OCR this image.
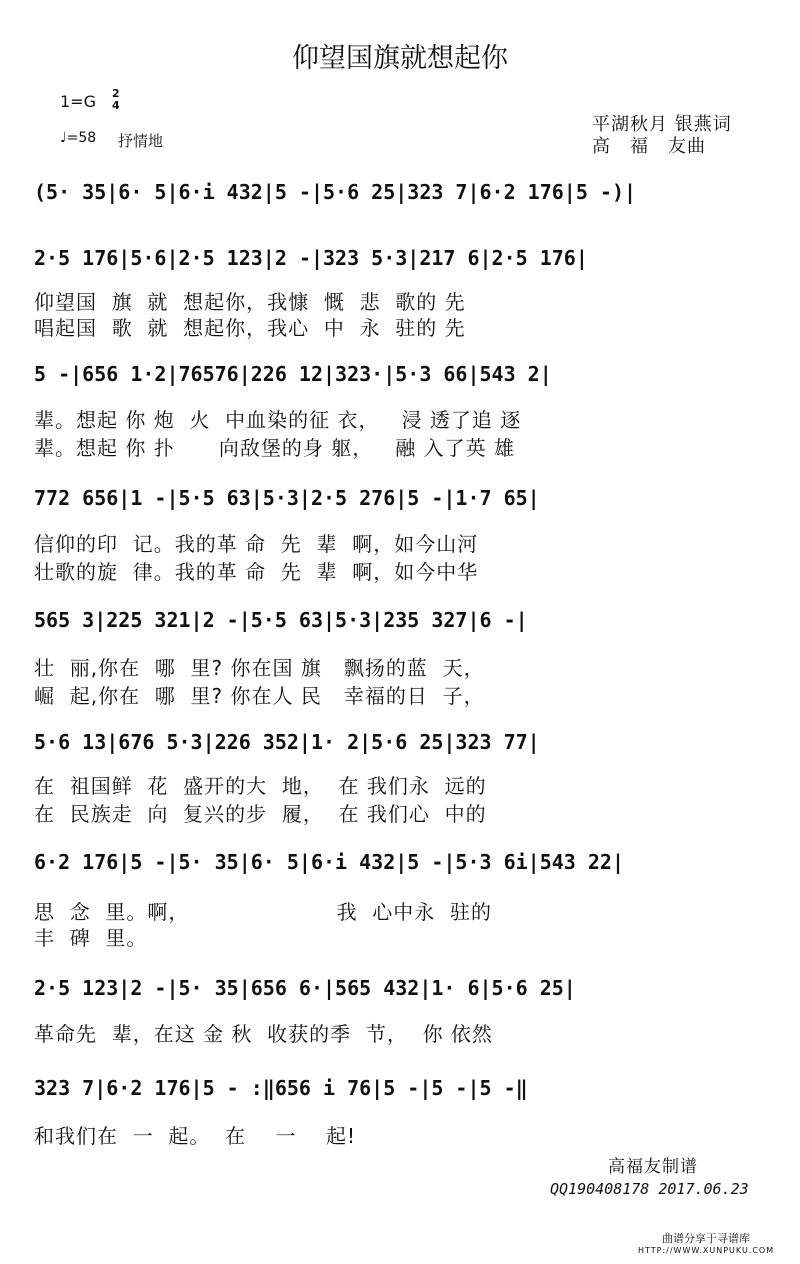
仰望国旗就想起你
1=G 2
4
♩=58 抒情地
平湖秋月 银燕词
高　福　友曲
(5· 35|6· 5|6·i 432|5 -|5·6 25|323 7|6·2 176|5 -)|
2·5 176|5·6|2·5 123|2 -|323 5·3|217 6|2·5 176|
仰望国  旗  就  想起你，我慷  慨  悲  歌的 先
唱起国  歌  就  想起你，我心  中  永  驻的 先
5 -|656 1·2|76576|226 12|323·|5·3 66|543 2|
辈。想起 你 炮  火  中血染的征 衣，   浸 透了追 逐
辈。想起 你 扑      向敌堡的身 躯，   融 入了英 雄
772 656|1 -|5·5 63|5·3|2·5 276|5 -|1·7 65|
信仰的印  记。我的革 命  先  辈  啊，如今山河
壮歌的旋  律。我的革 命  先  辈  啊，如今中华
565 3|225 321|2 -|5·5 63|5·3|235 327|6 -|
壮  丽,你在  哪  里? 你在国 旗   飘扬的蓝  天，
崛  起,你在  哪  里? 你在人 民   幸福的日  子，
5·6 13|676 5·3|226 352|1· 2|5·6 25|323 77|
在  祖国鲜  花  盛开的大  地，  在 我们永  远的
在  民族走  向  复兴的步  履，  在 我们心  中的
6·2 176|5 -|5· 35|6· 5|6·i 432|5 -|5·3 6i|543 22|
思  念  里。啊，                    我  心中永  驻的
丰  碑  里。
2·5 123|2 -|5· 35|656 6·|565 432|1· 6|5·6 25|
革命先  辈，在这 金 秋  收获的季  节，  你 依然
323 7|6·2 176|5 - :‖656 i 76|5 -|5 -|5 -‖
和我们在  一  起。  在    一    起!
高福友制谱
QQ190408178 2017.06.23
曲谱分享于寻谱库
HTTP://WWW.XUNPUKU.COM
